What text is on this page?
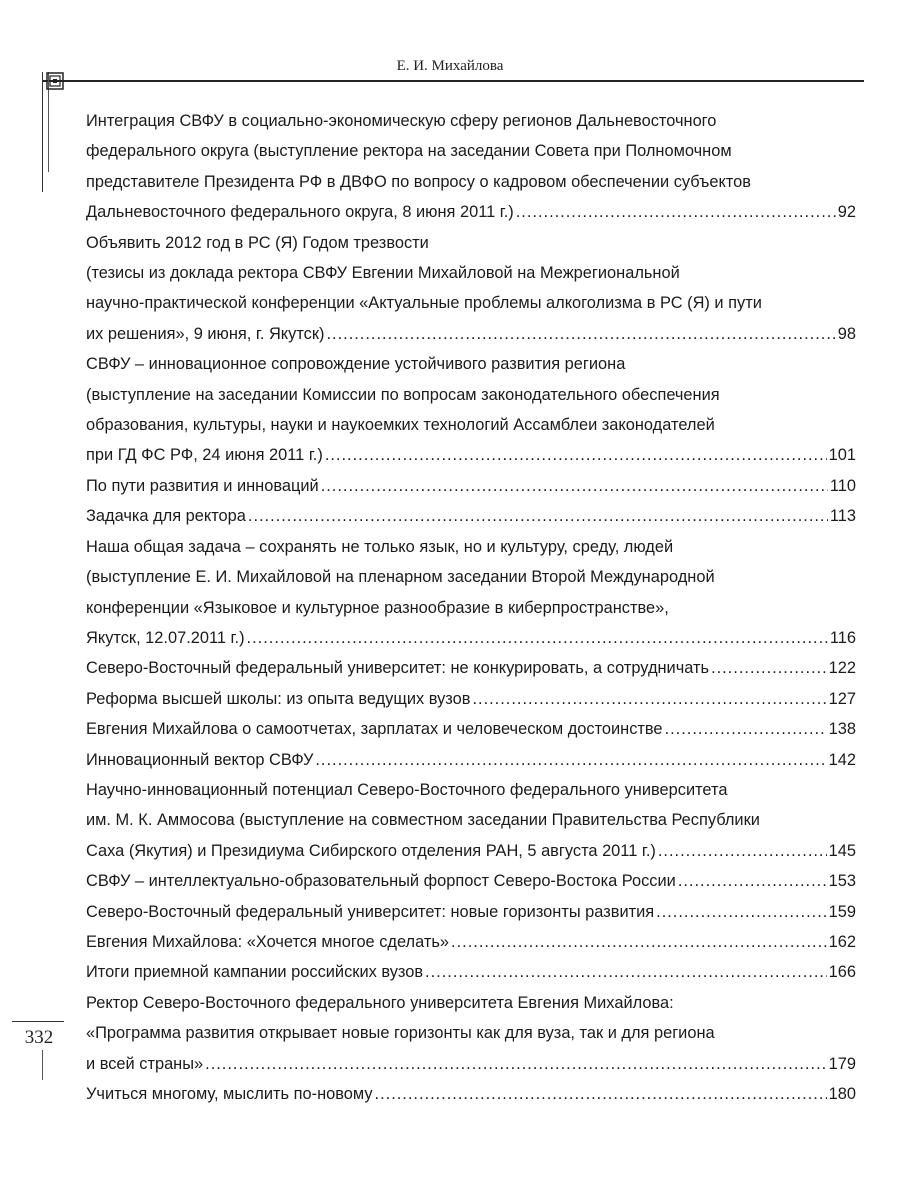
Е. И. Михайлова
Интеграция СВФУ в социально-экономическую сферу регионов Дальневосточного
федерального округа (выступление ректора на заседании Совета при Полномочном
представителе Президента РФ в ДВФО по вопросу о кадровом обеспечении субъектов
Дальневосточного федерального округа, 8 июня 2011 г.) .....	92
Объявить 2012 год в РС (Я) Годом трезвости
(тезисы из доклада ректора СВФУ Евгении Михайловой на Межрегиональной
научно-практической конференции «Актуальные проблемы алкоголизма в РС (Я) и пути
их решения», 9 июня, г. Якутск) .....	98
СВФУ – инновационное сопровождение устойчивого развития региона
(выступление на заседании Комиссии по вопросам законодательного обеспечения
образования, культуры, науки и наукоемких технологий Ассамблеи законодателей
при ГД ФС РФ, 24 июня 2011 г.) .....	101
По пути развития и инноваций .....	110
Задачка для ректора .....	113
Наша общая задача – сохранять не только язык, но и культуру, среду, людей
(выступление Е. И. Михайловой на пленарном заседании Второй Международной
конференции «Языковое и культурное разнообразие в киберпространстве»,
Якутск, 12.07.2011 г.) .....	116
Северо-Восточный федеральный университет: не конкурировать, а сотрудничать .....	122
Реформа высшей школы: из опыта ведущих вузов .....	127
Евгения Михайлова о самоотчетах, зарплатах и человеческом достоинстве .....	138
Инновационный вектор СВФУ .....	142
Научно-инновационный потенциал Северо-Восточного федерального университета
им. М. К. Аммосова (выступление на совместном заседании Правительства Республики
Саха (Якутия) и Президиума Сибирского отделения РАН, 5 августа 2011 г.) .....	145
СВФУ – интеллектуально-образовательный форпост Северо-Востока России .....	153
Северо-Восточный федеральный университет: новые горизонты развития .....	159
Евгения Михайлова: «Хочется многое сделать» .....	162
Итоги приемной кампании российских вузов .....	166
Ректор Северо-Восточного федерального университета Евгения Михайлова:
«Программа развития открывает новые горизонты как для вуза, так и для региона
и всей страны» .....	179
Учиться многому, мыслить по-новому .....	180
332
